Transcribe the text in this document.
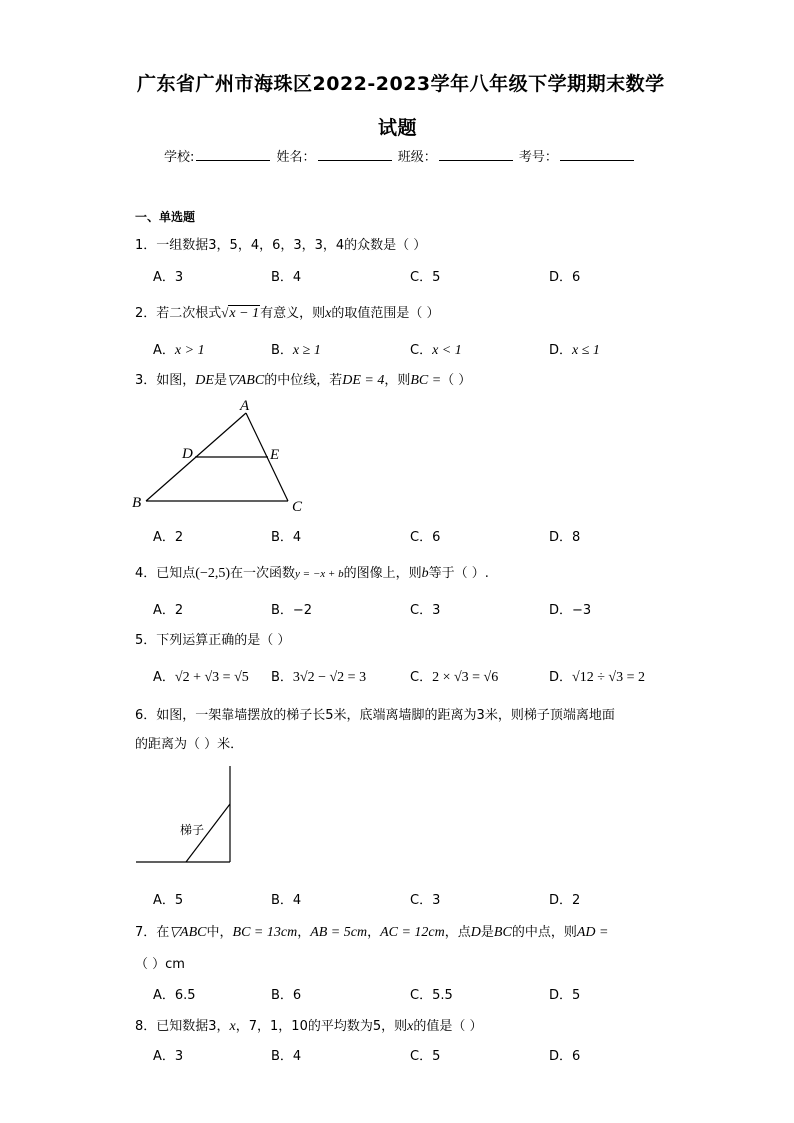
广东省广州市海珠区2022-2023学年八年级下学期期末数学
试题
学校:	姓名：	班级：	考号：
一、单选题
1．一组数据3，5，4，6，3，3，4的众数是（ ）
A．3	B．4	C．5	D．6
2．若二次根式√x − 1有意义，则x的取值范围是（ ）
A．x > 1	B．x ≥ 1	C．x < 1	D．x ≤ 1
3．如图，DE是▽ABC的中位线，若DE = 4，则BC =（ ）
A
B	C
D	E
A．2	B．4	C．6	D．8
4．已知点(−2,5)在一次函数y = −x + b的图像上，则b等于（ ）.
A．2	B．−2	C．3	D．−3
5．下列运算正确的是（ ）
A．√2 + √3 = √5 B．3√2 − √2 = 3	C．2 × √3 = √6	D．√12 ÷ √3 = 2
6．如图，一架靠墙摆放的梯子长5米，底端离墙脚的距离为3米，则梯子顶端离地面
的距离为（ ）米．
梯子
A．5	B．4	C．3	D．2
7．在▽ABC中，BC = 13cm，AB = 5cm，AC = 12cm，点D是BC的中点，则AD =
（ ）cm
A．6.5	B．6	C．5.5	D．5
8．已知数据3，x，7，1，10的平均数为5，则x的值是（ ）
A．3	B．4	C．5	D．6
